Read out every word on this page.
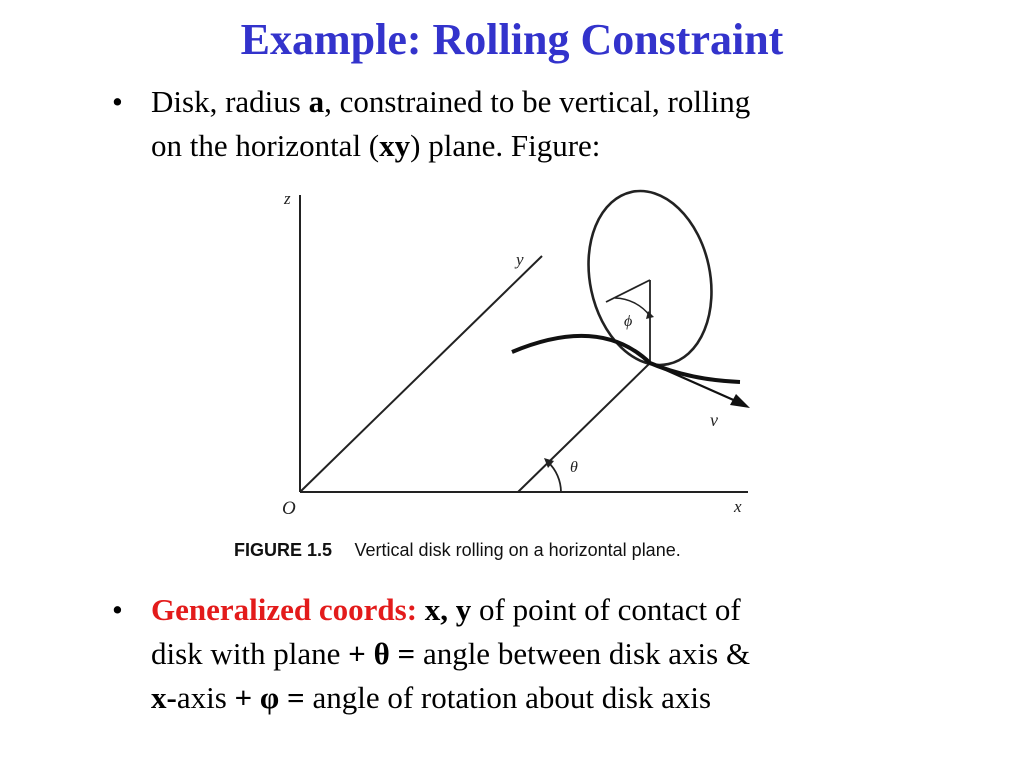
Example: Rolling Constraint
• Disk, radius a, constrained to be vertical, rolling
on the horizontal (xy) plane. Figure:
z
y
x
O
θ
ϕ
v
FIGURE 1.5 Vertical disk rolling on a horizontal plane.
• Generalized coords: x, y of point of contact of
disk with plane + θ = angle between disk axis &
x-axis + φ = angle of rotation about disk axis
